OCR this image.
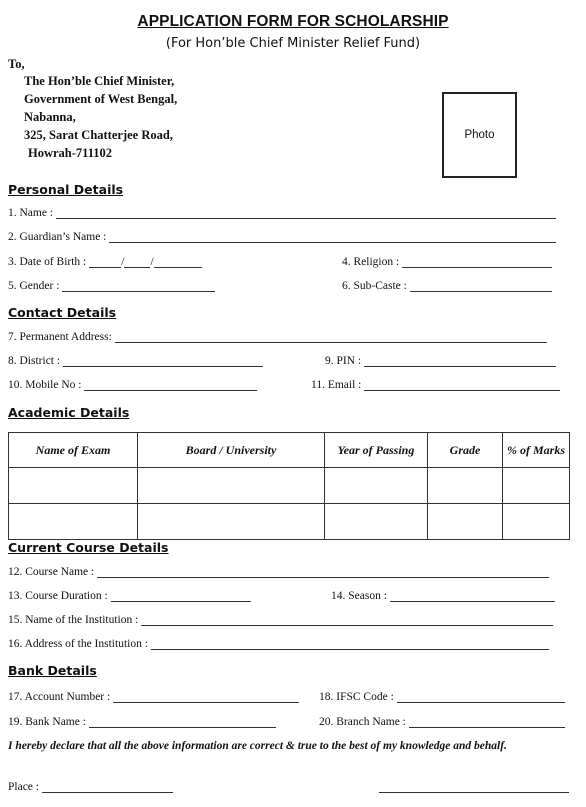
APPLICATION FORM FOR SCHOLARSHIP
(For Hon’ble Chief Minister Relief Fund)
To,
The Hon’ble Chief Minister,
Government of West Bengal,
Nabanna,
325, Sarat Chatterjee Road,
Howrah-711102
Photo
Personal Details
1. Name :
2. Guardian’s Name :
3. Date of Birth :	/ /	4. Religion :
5. Gender :	6. Sub-Caste :
Contact Details
7. Permanent Address:
8. District :	9. PIN :
10. Mobile No :	11. Email :
Academic Details
Name of Exam	Board / University	Year of Passing	Grade	% of Marks

Current Course Details
12. Course Name :
13. Course Duration :	14. Season :
15. Name of the Institution :
16. Address of the Institution :
Bank Details
17. Account Number :	18. IFSC Code :
19. Bank Name :	20. Branch Name :
I hereby declare that all the above information are correct & true to the best of my knowledge and behalf.
Place :
